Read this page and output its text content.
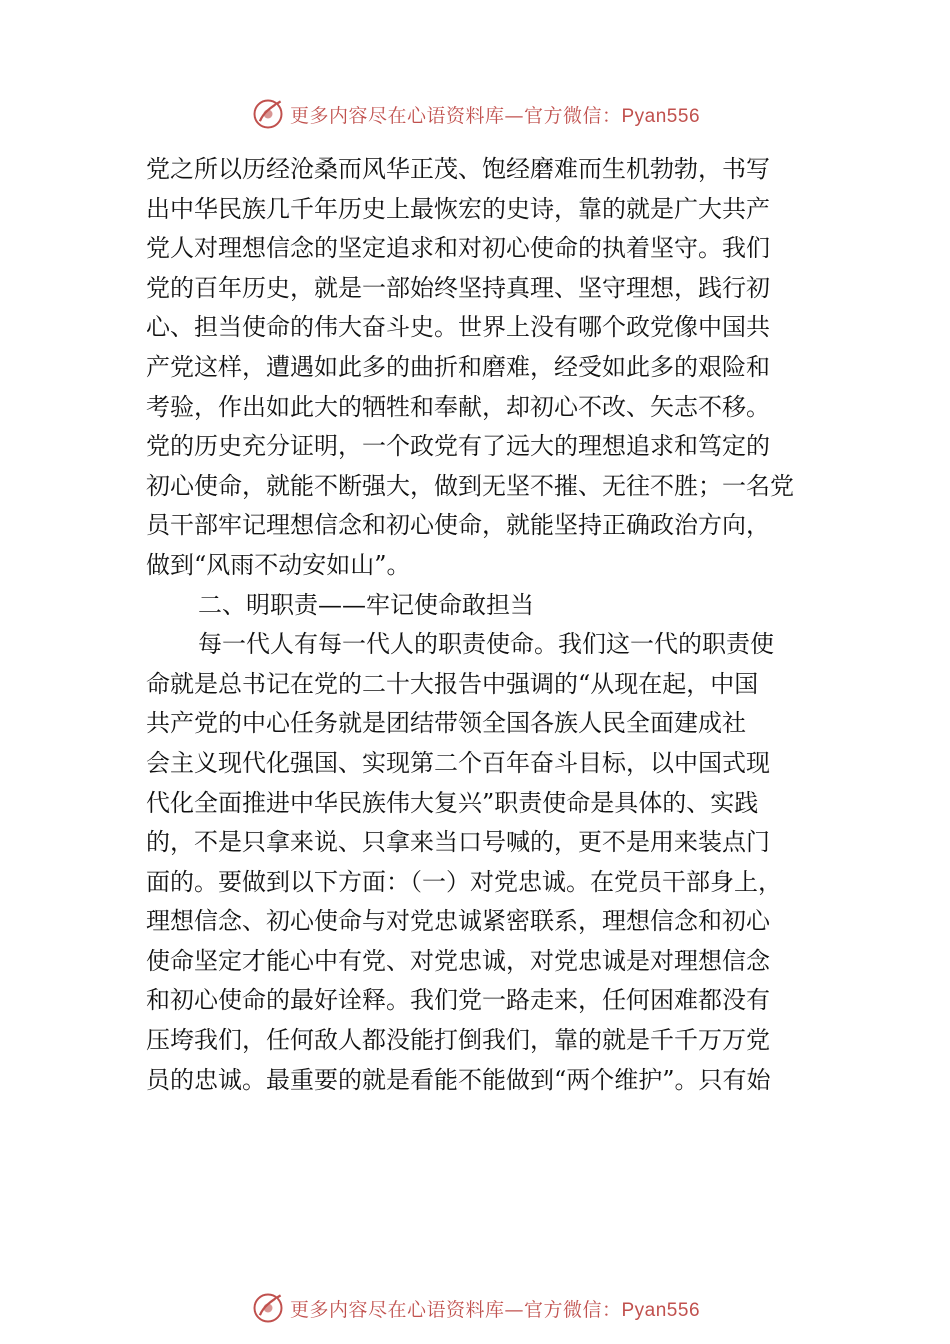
更多内容尽在心语资料库—官方微信：Pyan556
党之所以历经沧桑而风华正茂、饱经磨难而生机勃勃，书写
出中华民族几千年历史上最恢宏的史诗，靠的就是广大共产
党人对理想信念的坚定追求和对初心使命的执着坚守。我们
党的百年历史，就是一部始终坚持真理、坚守理想，践行初
心、担当使命的伟大奋斗史。世界上没有哪个政党像中国共
产党这样，遭遇如此多的曲折和磨难，经受如此多的艰险和
考验，作出如此大的牺牲和奉献，却初心不改、矢志不移。
党的历史充分证明，一个政党有了远大的理想追求和笃定的
初心使命，就能不断强大，做到无坚不摧、无往不胜；一名党
员干部牢记理想信念和初心使命，就能坚持正确政治方向，
做到“风雨不动安如山”。
二、明职责——牢记使命敢担当
每一代人有每一代人的职责使命。我们这一代的职责使
命就是总书记在党的二十大报告中强调的“从现在起，中国
共产党的中心任务就是团结带领全国各族人民全面建成社
会主义现代化强国、实现第二个百年奋斗目标，以中国式现
代化全面推进中华民族伟大复兴”职责使命是具体的、实践
的，不是只拿来说、只拿来当口号喊的，更不是用来装点门
面的。要做到以下方面：（一）对党忠诚。在党员干部身上，
理想信念、初心使命与对党忠诚紧密联系，理想信念和初心
使命坚定才能心中有党、对党忠诚，对党忠诚是对理想信念
和初心使命的最好诠释。我们党一路走来，任何困难都没有
压垮我们，任何敌人都没能打倒我们，靠的就是千千万万党
员的忠诚。最重要的就是看能不能做到“两个维护”。只有始
更多内容尽在心语资料库—官方微信：Pyan556
